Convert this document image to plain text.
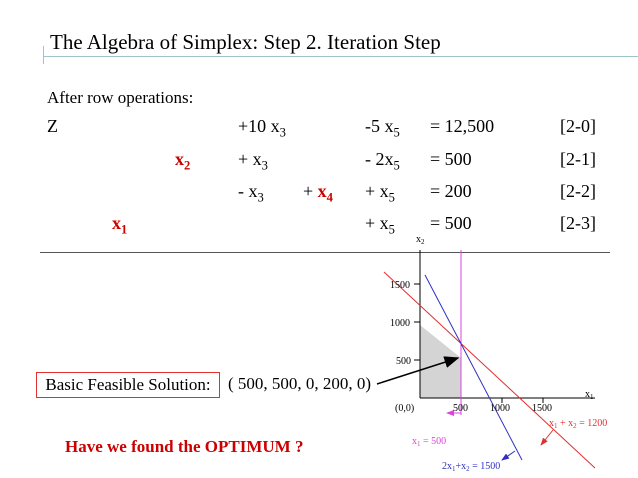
The Algebra of Simplex: Step 2. Iteration Step
After row operations:
Z	+10 $x_3$	-5 $x_5 = 12,500$	[2-0]
$x_2$	+ $x_3$	- $2x_5 = 500$	[2-1]
- $x_3 + x_4 + x_5 = 200$	[2-2]
$x_1$	+ $x_5 = 500$	[2-3]
$x_2$
$x_1$
1500
1000
500
(0,0)	500 1000 1500
$x_1 + x_2 = 1200$
$x_1 = 500$
$2x_1+x_2 = 1500$
Basic Feasible Solution:	( 500, 500, 0, 200, 0)
Have we found the OPTIMUM ?
